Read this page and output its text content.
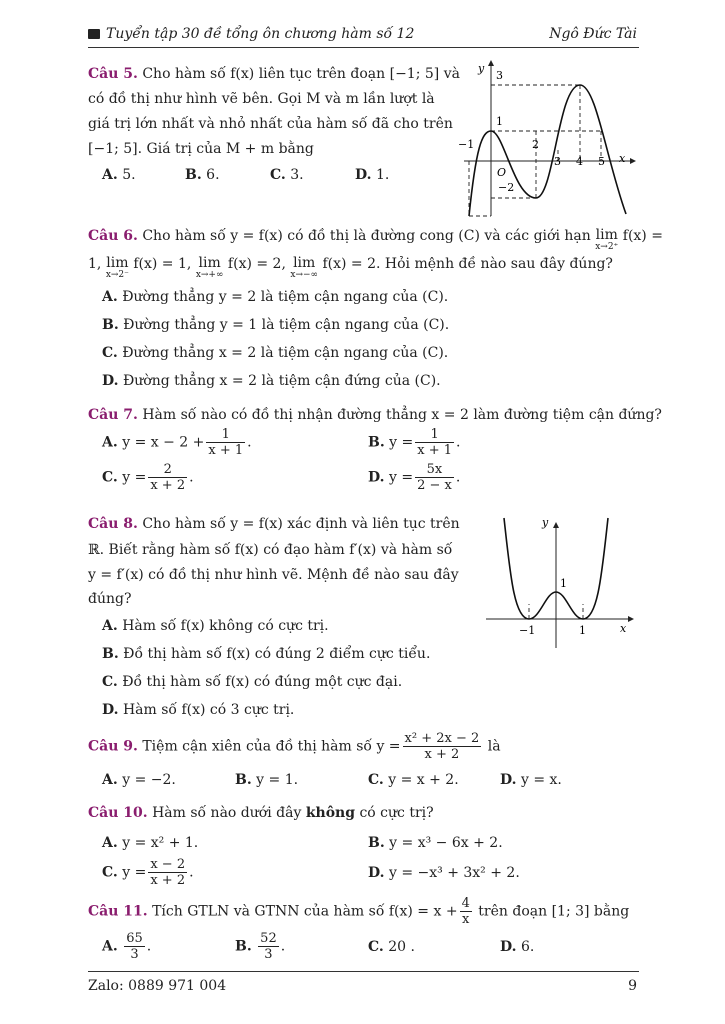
Tuyển tập 30 đề tổng ôn chương hàm số 12	Ngô Đức Tài
Câu 5. Cho hàm số f(x) liên tục trên đoạn [−1; 5] và
có đồ thị như hình vẽ bên. Gọi M và m lần lượt là
giá trị lớn nhất và nhỏ nhất của hàm số đã cho trên
[−1; 5]. Giá trị của M + m bằng
A. 5.	B. 6.	C. 3.	D. 1.
y
x
O
−1	2
3 4 5
3
1
−2
Câu 6. Cho hàm số y = f(x) có đồ thị là đường cong (C) và các giới hạn lim
x→2⁺
f(x) =
1, lim
x→2⁻
f(x) = 1, lim
x→+∞
f(x) = 2, lim
x→−∞
f(x) = 2. Hỏi mệnh đề nào sau đây đúng?
A. Đường thẳng y = 2 là tiệm cận ngang của (C).
B. Đường thẳng y = 1 là tiệm cận ngang của (C).
C. Đường thẳng x = 2 là tiệm cận ngang của (C).
D. Đường thẳng x = 2 là tiệm cận đứng của (C).
Câu 7. Hàm số nào có đồ thị nhận đường thẳng x = 2 làm đường tiệm cận đứng?
A. $y = x - 2 + \frac{1}{x + 1}$ .	B. $y = \frac{1}{x + 1}$ .
C. $y = \frac{2}{x + 2}$ .	D. $y = \frac{5x}{2 - x}$ .
Câu 8. Cho hàm số y = f(x) xác định và liên tục trên
ℝ. Biết rằng hàm số f(x) có đạo hàm f′(x) và hàm số
y = f′(x) có đồ thị như hình vẽ. Mệnh đề nào sau đây
đúng?
A. Hàm số f(x) không có cực trị.
B. Đồ thị hàm số f(x) có đúng 2 điểm cực tiểu.
C. Đồ thị hàm số f(x) có đúng một cực đại.
D. Hàm số f(x) có 3 cực trị.
y
x
−1	1
1
Câu 9. Tiệm cận xiên của đồ thị hàm số $y = \frac{\text{x² + 2x − 2}}{x + 2}$ là
A. y = −2.	B. y = 1.	C. y = x + 2.	D. y = x.
Câu 10. Hàm số nào dưới đây không có cực trị?
A. y = x² + 1.	B. y = x³ − 6x + 2.
C. $y = \frac{x - 2}{x + 2}$ .	D. y = −x³ + 3x² + 2.
Câu 11. Tích GTLN và GTNN của hàm số $f(x) = x + \frac{4}{x}$ trên đoạn [1; 3] bằng
A. $\frac{65}{3}$ .	B. $\frac{52}{3}$ .	C. 20 .	D. 6.
Zalo: 0889 971 004	9
